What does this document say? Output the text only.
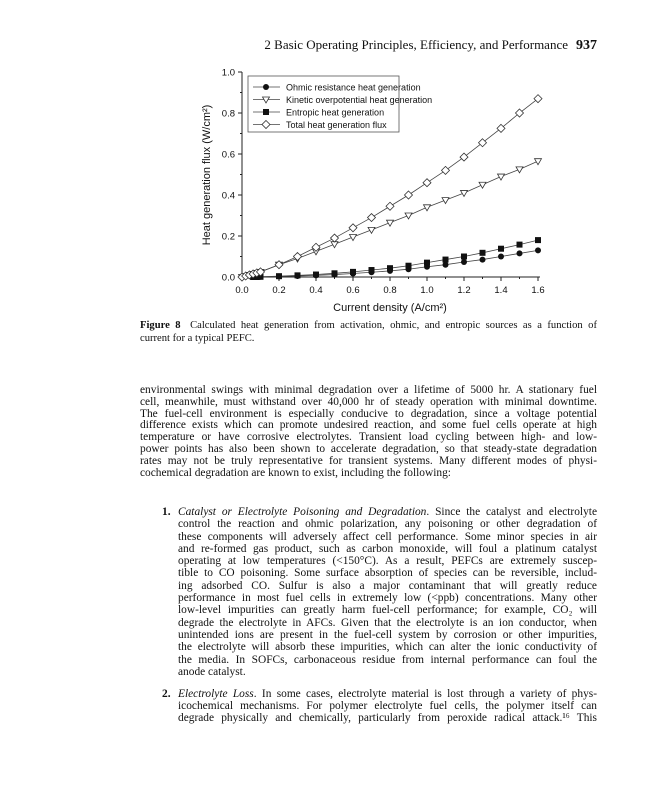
2 Basic Operating Principles, Efficiency, and Performance 937
0.0	0.2	0.4	0.6	0.8	1.0	1.2	1.4	1.6
0.0
0.2
0.4
0.6
0.8
1.0
Current density (A/cm²)
Heat generation flux (W/cm²)
Ohmic resistance heat generation
Kinetic overpotential heat generation
Entropic heat generation
Total heat generation flux
Figure 8 Calculated heat generation from activation, ohmic, and entropic sources as a function of
current for a typical PEFC.
environmental swings with minimal degradation over a lifetime of 5000 hr. A stationary fuel
cell, meanwhile, must withstand over 40,000 hr of steady operation with minimal downtime.
The fuel-cell environment is especially conducive to degradation, since a voltage potential
difference exists which can promote undesired reaction, and some fuel cells operate at high
temperature or have corrosive electrolytes. Transient load cycling between high- and low-
power points has also been shown to accelerate degradation, so that steady-state degradation
rates may not be truly representative for transient systems. Many different modes of physi-
cochemical degradation are known to exist, including the following:
1. Catalyst or Electrolyte Poisoning and Degradation. Since the catalyst and electrolyte
control the reaction and ohmic polarization, any poisoning or other degradation of
these components will adversely affect cell performance. Some minor species in air
and re-formed gas product, such as carbon monoxide, will foul a platinum catalyst
operating at low temperatures (<150°C). As a result, PEFCs are extremely suscep-
tible to CO poisoning. Some surface absorption of species can be reversible, includ-
ing adsorbed CO. Sulfur is also a major contaminant that will greatly reduce
performance in most fuel cells in extremely low (<ppb) concentrations. Many other
low-level impurities can greatly harm fuel-cell performance; for example, CO₂ will
degrade the electrolyte in AFCs. Given that the electrolyte is an ion conductor, when
unintended ions are present in the fuel-cell system by corrosion or other impurities,
the electrolyte will absorb these impurities, which can alter the ionic conductivity of
the media. In SOFCs, carbonaceous residue from internal performance can foul the
anode catalyst.
2. Electrolyte Loss. In some cases, electrolyte material is lost through a variety of phys-
icochemical mechanisms. For polymer electrolyte fuel cells, the polymer itself can
degrade physically and chemically, particularly from peroxide radical attack.¹⁶ This
